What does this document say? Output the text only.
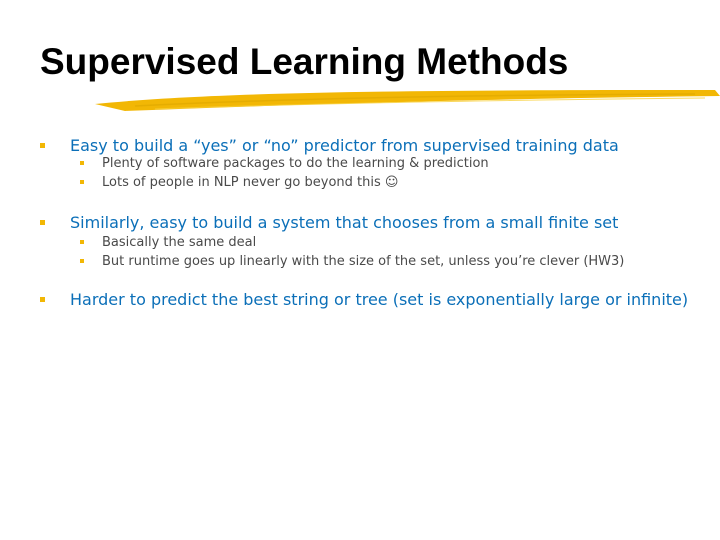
Supervised Learning Methods
Easy to build a “yes” or “no” predictor from supervised training data
Plenty of software packages to do the learning & prediction
Lots of people in NLP never go beyond this ☺
Similarly, easy to build a system that chooses from a small finite set
Basically the same deal
But runtime goes up linearly with the size of the set, unless you’re clever (HW3)
Harder to predict the best string or tree (set is exponentially large or infinite)
